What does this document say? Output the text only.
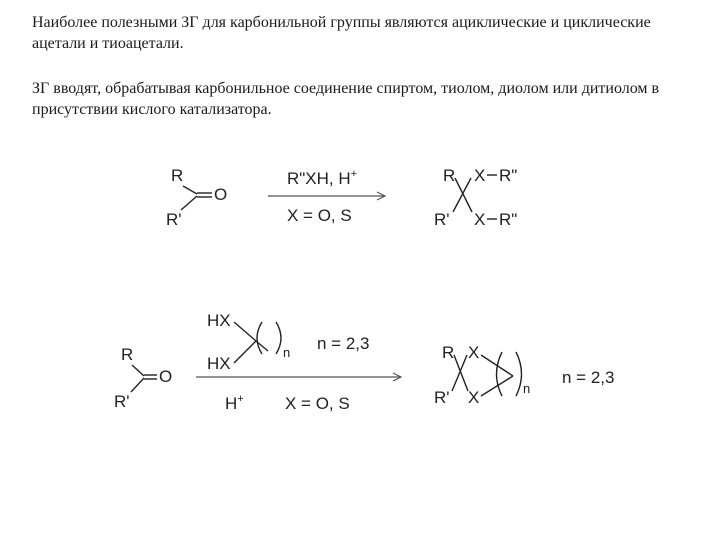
Наиболее полезными ЗГ для карбонильной группы являются ациклические и циклические ацетали и тиоацетали.

ЗГ вводят, обрабатывая карбонильное соединение спиртом, тиолом, диолом или дитиолом в присутствии кислого катализатора.

R
R'
O
R"XH, H+
X = O, S
R
R'
X
X
R"
R"
R
R'
O
HX
HX
n n = 2,3
H+ X = O, S
R
R'
X
X	n
n = 2,3
